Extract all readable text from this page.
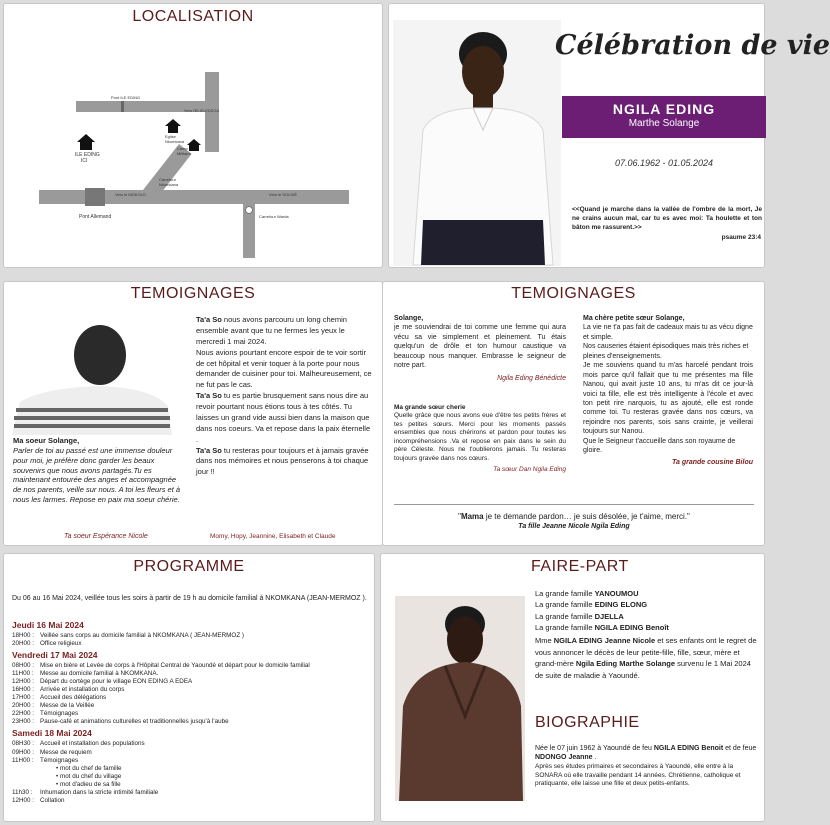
LOCALISATION
Pont ILE EDING
ILE EDING
ICI
Eglise
Nkomkana
Camp
Militaire
Carrefour
Nkomkana
Pont Allemand
Vers le MOKOLO	Vers le SOLIDÈ
Vers l'ELIG-EDZOA
Carrefour Warda
Célébration de vie
NGILA EDING
Marthe Solange
07.06.1962 - 01.05.2024
<<Quand je marche dans la vallée de l'ombre de la mort, Je ne crains aucun mal, car tu es avec moi: Ta houlette et ton bâton me rassurent.>>
psaume 23:4
TEMOIGNAGES
Ma soeur Solange,
Parler de toi au passé est une immense douleur pour moi, je préfère donc garder les beaux souvenirs que nous avons partagés.Tu es maintenant entourée des anges et accompagnée de nos parents, veille sur nous. A toi les fleurs et à nous les larmes. Repose en paix ma soeur chérie.
Ta soeur Espérance Nicole

Ta'a So nous avons parcouru un long chemin ensemble avant que tu ne fermes les yeux le mercredi 1 mai 2024.

Nous avions pourtant encore espoir de te voir sortir de cet hôpital et venir toquer à la porte pour nous demander de cuisiner pour toi. Malheureusement, ce ne fut pas le cas.

Ta'a So tu es partie brusquement sans nous dire au revoir pourtant nous étions tous à tes côtés. Tu laisses un grand vide aussi bien dans la maison que dans nos coeurs. Va et repose dans la paix éternelle .

Ta'a So tu resteras pour toujours et à jamais gravée dans nos mémoires et nous penserons à toi chaque jour !!

Momy, Hopy, Jeannine, Elisabeth et Claude
TEMOIGNAGES
Solange,
je me souviendrai de toi comme une femme qui aura vécu sa vie simplement et pleinement. Tu étais quelqu'un de drôle et ton humour caustique va beaucoup nous manquer. Embrasse le seigneur de notre part.
Ngila Eding Bénédicte
Ma grande sœur cherie
Quelle grâce que nous avons eue d'être tes petits frères et tes petites sœurs. Merci pour les moments passés ensembles que nous chérirons et pardon pour toutes les incompréhensions .Va et repose en paix dans le sein du père Céleste. Nous ne t'oublierons jamais. Tu resteras toujours gravée dans nos cœurs.
Ta sœur Dan Ngila Eding
Ma chère petite sœur Solange,
La vie ne t'a pas fait de cadeaux mais tu as vécu digne et simple.
Nos causeries étaient épisodiques mais très riches et pleines d'enseignements.
Je me souviens quand tu m'as harcelé pendant trois mois parce qu'il fallait que tu me présentes ma fille Nanou, qui avait juste 10 ans, tu m'as dit ce jour-là voici ta fille, elle est très intelligente à l'école et avec ton petit rire narquois, tu as ajouté, elle est ronde comme toi. Tu resteras gravée dans nos cœurs, va rejoindre nos parents, sois sans crainte, je veillerai toujours sur Nanou.
Que le Seigneur t'accueille dans son royaume de gloire.
Ta grande cousine Bilou
"Mama je te demande pardon… je suis désolée, je t'aime, merci."
Ta fille Jeanne Nicole Ngila Eding
PROGRAMME
Du 06 au 16 Mai 2024, veillée tous les soirs à partir de 19 h au domicile familial à NKOMKANA (JEAN-MERMOZ ).
Jeudi 16 Mai 2024
18H00 : Veillée sans corps au domicile familial à NKOMKANA ( JEAN-MERMOZ )
20H00 : Office religieux
Vendredi 17 Mai 2024
08H00 : Mise en bière et Levée de corps à l'Hôpital Central de Yaoundé et départ pour le domicile familial
11H00 :	Messe au domicile familial à NKOMKANA.
12H00 : Départ du cortège pour le village EON EDING A EDEA
16H00 : Arrivée et installation du corps
17H00 : Accueil des délégations
20H00 : Messe de la Veillée
22H00 : Témoignages
23H00 : Pause-café et animations culturelles et traditionnelles jusqu'à l'aube
Samedi 18 Mai 2024
08H30 : Accueil et installation des populations
09H00 : Messe de requiem
11H00 :	Témoignages
• mot du chef de famille
• mot du chef du village
• mot d'adieu de sa fille
11h30 :	Inhumation dans la stricte intimité familiale
12H00 : Collation
FAIRE-PART
La grande famille YANOUMOU
La grande famille EDING ELONG
La grande famille DJELLA
La grande famille NGILA EDING Benoît
Mme NGILA EDING Jeanne Nicole et ses enfants ont le regret de vous annoncer le décès de leur petite-fille, fille, sœur, mère et grand-mère Ngila Eding Marthe Solange survenu le 1 Mai 2024 de suite de maladie à Yaoundé.
BIOGRAPHIE
Née le 07 juin 1962 à Yaoundé de feu NGILA EDING Benoit et de feue NDONGO Jeanne .
Après ses études primaires et secondaires à Yaoundé, elle entre à la SONARA où elle travaille pendant 14 années. Chrétienne, catholique et pratiquante, elle laisse une fille et deux petits-enfants.
